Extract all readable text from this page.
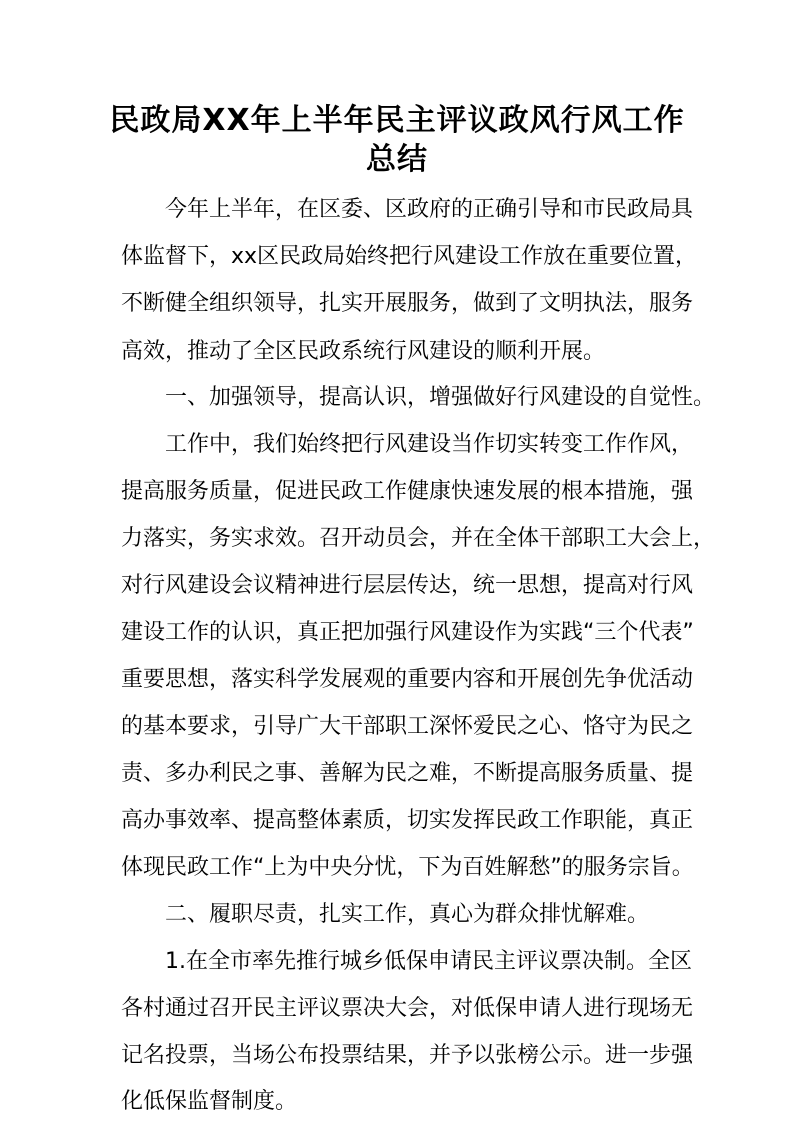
民政局XX年上半年民主评议政风行风工作
总结
今年上半年，在区委、区政府的正确引导和市民政局具
体监督下，xx区民政局始终把行风建设工作放在重要位置，
不断健全组织领导，扎实开展服务，做到了文明执法，服务
高效，推动了全区民政系统行风建设的顺利开展。
一、加强领导，提高认识，增强做好行风建设的自觉性。
工作中，我们始终把行风建设当作切实转变工作作风，
提高服务质量，促进民政工作健康快速发展的根本措施，强
力落实，务实求效。召开动员会，并在全体干部职工大会上，
对行风建设会议精神进行层层传达，统一思想，提高对行风
建设工作的认识，真正把加强行风建设作为实践“三个代表”
重要思想，落实科学发展观的重要内容和开展创先争优活动
的基本要求，引导广大干部职工深怀爱民之心、恪守为民之
责、多办利民之事、善解为民之难，不断提高服务质量、提
高办事效率、提高整体素质，切实发挥民政工作职能，真正
体现民政工作“上为中央分忧，下为百姓解愁”的服务宗旨。
二、履职尽责，扎实工作，真心为群众排忧解难。
1.在全市率先推行城乡低保申请民主评议票决制。全区
各村通过召开民主评议票决大会，对低保申请人进行现场无
记名投票，当场公布投票结果，并予以张榜公示。进一步强
化低保监督制度。
